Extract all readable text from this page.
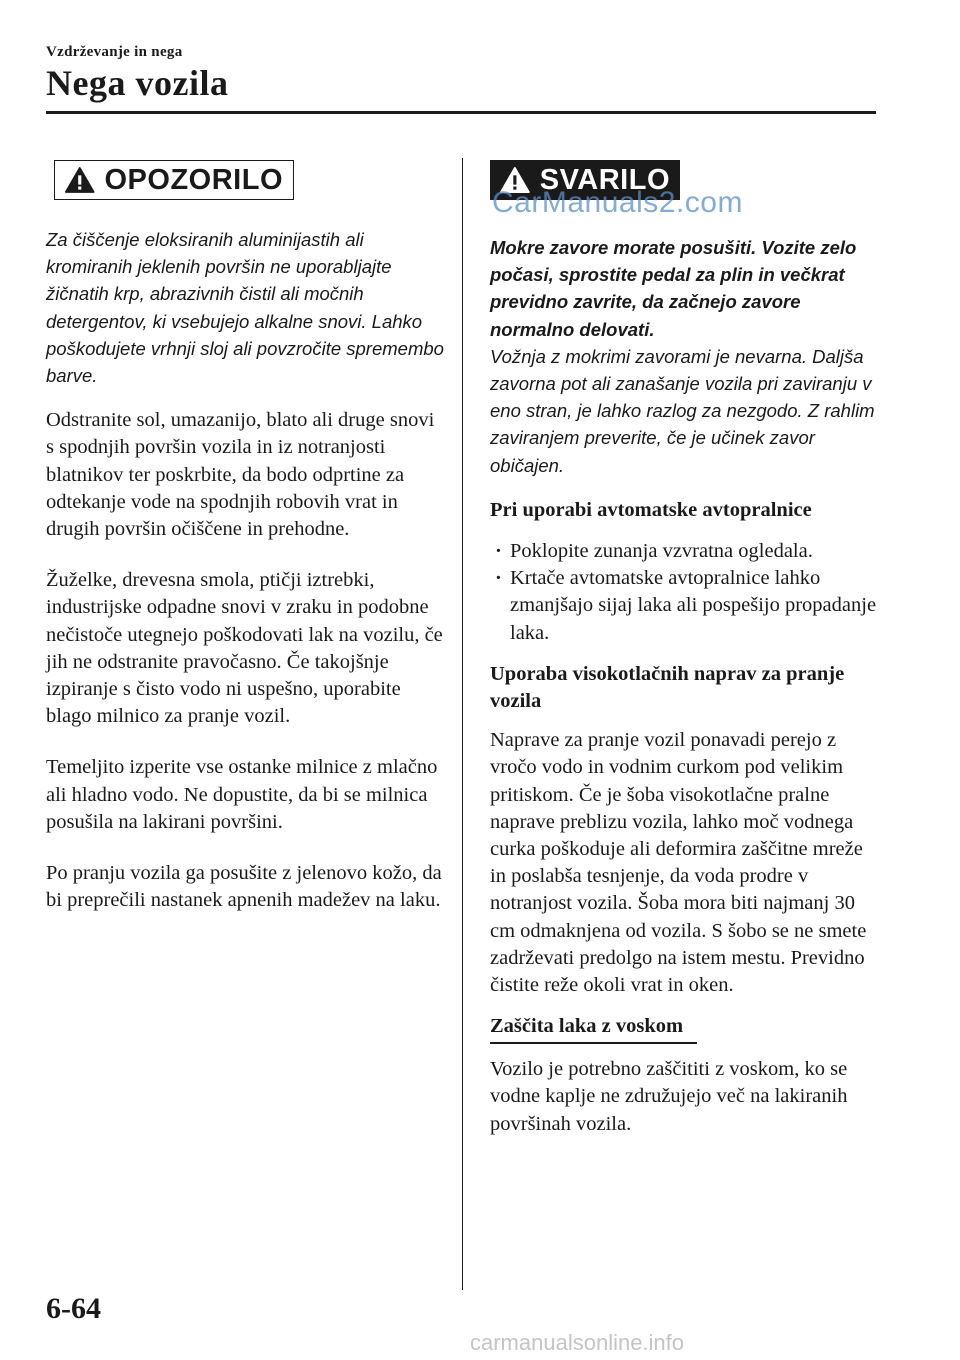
Vzdrževanje in nega
Nega vozila
OPOZORILO

Za čiščenje eloksiranih aluminijastih ali kromiranih jeklenih površin ne uporabljajte žičnatih krp, abrazivnih čistil ali močnih detergentov, ki vsebujejo alkalne snovi. Lahko poškodujete vrhnji sloj ali povzročite spremembo barve.

Odstranite sol, umazanijo, blato ali druge snovi s spodnjih površin vozila in iz notranjosti blatnikov ter poskrbite, da bodo odprtine za odtekanje vode na spodnjih robovih vrat in drugih površin očiščene in prehodne.

Žuželke, drevesna smola, ptičji iztrebki, industrijske odpadne snovi v zraku in podobne nečistoče utegnejo poškodovati lak na vozilu, če jih ne odstranite pravočasno. Če takojšnje izpiranje s čisto vodo ni uspešno, uporabite blago milnico za pranje vozil.

Temeljito izperite vse ostanke milnice z mlačno ali hladno vodo. Ne dopustite, da bi se milnica posušila na lakirani površini.

Po pranju vozila ga posušite z jelenovo kožo, da bi preprečili nastanek apnenih madežev na laku.

SVARILO

Mokre zavore morate posušiti. Vozite zelo počasi, sprostite pedal za plin in večkrat previdno zavrite, da začnejo zavore normalno delovati.

Vožnja z mokrimi zavorami je nevarna. Daljša zavorna pot ali zanašanje vozila pri zaviranju v eno stran, je lahko razlog za nezgodo. Z rahlim zaviranjem preverite, če je učinek zavor običajen.

Pri uporabi avtomatske avtopralnice

· Poklopite zunanja vzvratna ogledala.
· Krtače avtomatske avtopralnice lahko zmanjšajo sijaj laka ali pospešijo propadanje laka.

Uporaba visokotlačnih naprav za pranje vozila

Naprave za pranje vozil ponavadi perejo z vročo vodo in vodnim curkom pod velikim pritiskom. Če je šoba visokotlačne pralne naprave preblizu vozila, lahko moč vodnega curka poškoduje ali deformira zaščitne mreže in poslabša tesnjenje, da voda prodre v notranjost vozila. Šoba mora biti najmanj 30 cm odmaknjena od vozila. S šobo se ne smete zadrževati predolgo na istem mestu. Previdno čistite reže okoli vrat in oken.

Zaščita laka z voskom

Vozilo je potrebno zaščititi z voskom, ko se vodne kaplje ne združujejo več na lakiranih površinah vozila.

CarManuals2.com
6-64
carmanualsonline.info
